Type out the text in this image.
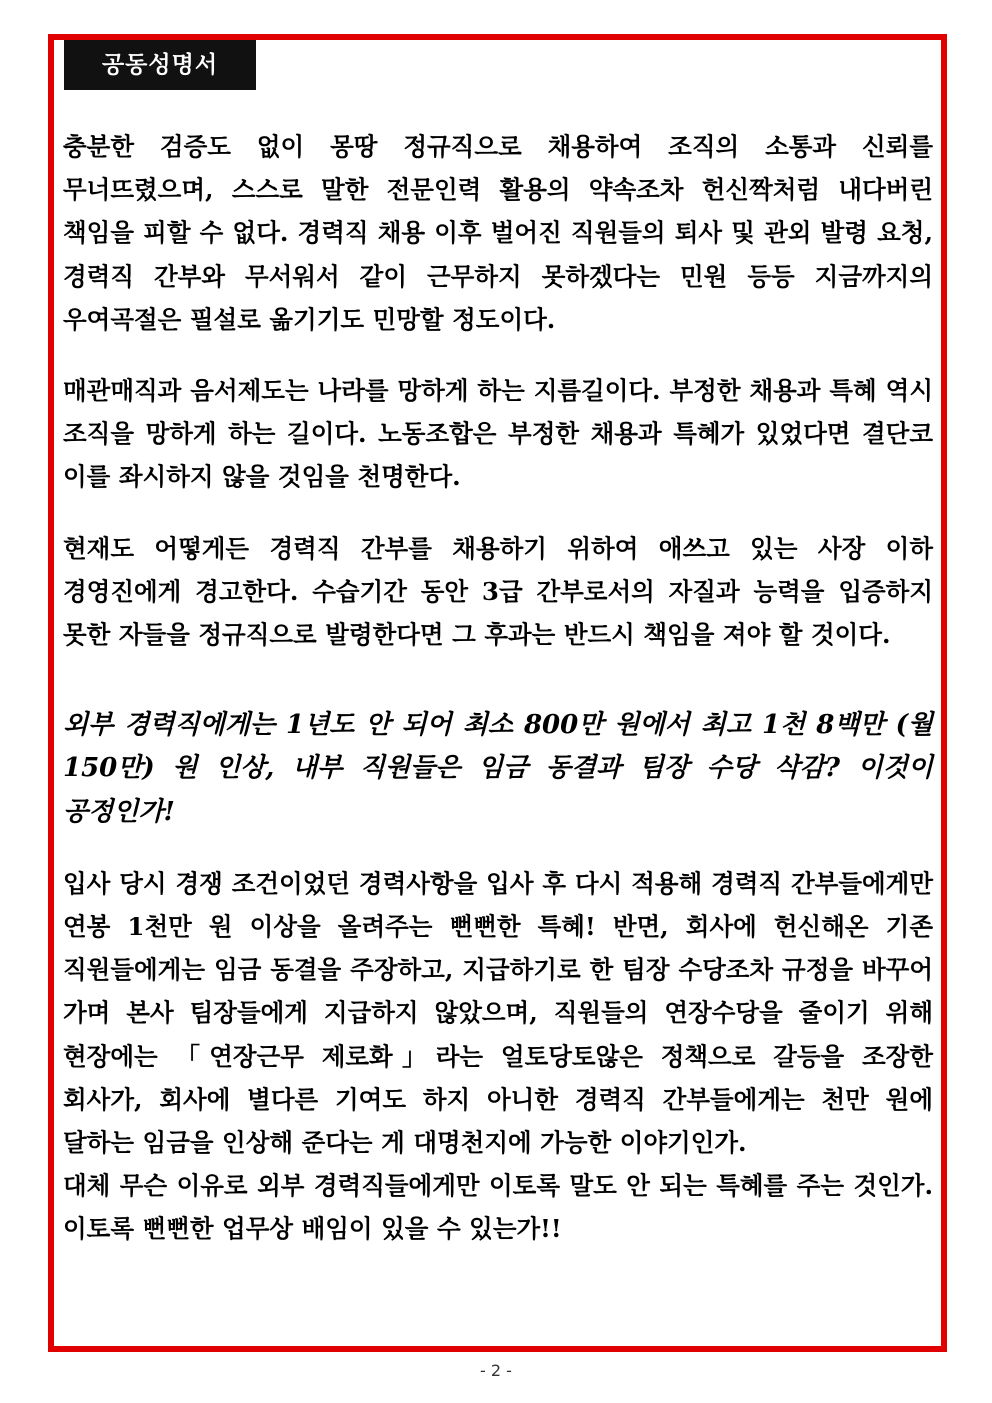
공동성명서

충분한 검증도 없이 몽땅 정규직으로 채용하여 조직의 소통과 신뢰를 무너뜨렸으며, 스스로 말한 전문인력 활용의 약속조차 헌신짝처럼 내다버린 책임을 피할 수 없다. 경력직 채용 이후 벌어진 직원들의 퇴사 및 관외 발령 요청, 경력직 간부와 무서워서 같이 근무하지 못하겠다는 민원 등등 지금까지의 우여곡절은 필설로 옮기기도 민망할 정도이다.

매관매직과 음서제도는 나라를 망하게 하는 지름길이다. 부정한 채용과 특혜 역시 조직을 망하게 하는 길이다. 노동조합은 부정한 채용과 특혜가 있었다면 결단코 이를 좌시하지 않을 것임을 천명한다.

현재도 어떻게든 경력직 간부를 채용하기 위하여 애쓰고 있는 사장 이하 경영진에게 경고한다. 수습기간 동안 3급 간부로서의 자질과 능력을 입증하지 못한 자들을 정규직으로 발령한다면 그 후과는 반드시 책임을 져야 할 것이다.

외부 경력직에게는 1년도 안 되어 최소 800만 원에서 최고 1천 8백만 (월 150만) 원 인상, 내부 직원들은 임금 동결과 팀장 수당 삭감? 이것이 공정인가!

입사 당시 경쟁 조건이었던 경력사항을 입사 후 다시 적용해 경력직 간부들에게만 연봉 1천만 원 이상을 올려주는 뻔뻔한 특혜! 반면, 회사에 헌신해온 기존 직원들에게는 임금 동결을 주장하고, 지급하기로 한 팀장 수당조차 규정을 바꾸어 가며 본사 팀장들에게 지급하지 않았으며, 직원들의 연장수당을 줄이기 위해 현장에는 「연장근무 제로화」라는 얼토당토않은 정책으로 갈등을 조장한 회사가, 회사에 별다른 기여도 하지 아니한 경력직 간부들에게는 천만 원에 달하는 임금을 인상해 준다는 게 대명천지에 가능한 이야기인가.

대체 무슨 이유로 외부 경력직들에게만 이토록 말도 안 되는 특혜를 주는 것인가. 이토록 뻔뻔한 업무상 배임이 있을 수 있는가!!

- 2 -
